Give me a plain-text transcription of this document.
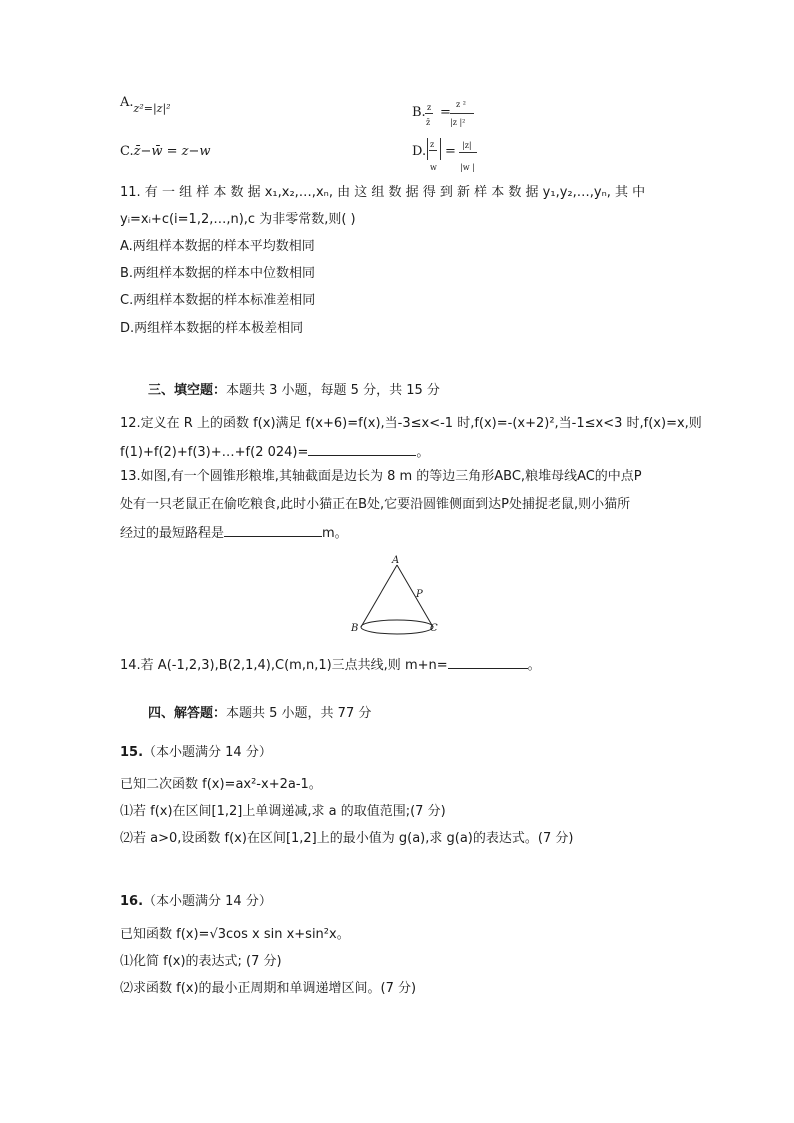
$A._{z^2=|z|^2}$	B. z
z̄
=
z ²
|z |²
C.z̄−w̄ = z−w	D. z
w
= |z|
|w |
11. 有 一 组 样 本 数 据 x₁,x₂,…,xₙ, 由 这 组 数 据 得 到 新 样 本 数 据 y₁,y₂,…,yₙ, 其 中
yᵢ=xᵢ+c(i=1,2,…,n),c 为非零常数,则( )
A.两组样本数据的样本平均数相同
B.两组样本数据的样本中位数相同
C.两组样本数据的样本标准差相同
D.两组样本数据的样本极差相同
三、填空题：本题共 3 小题，每题 5 分，共 15 分
12.定义在 R 上的函数 f(x)满足 f(x+6)=f(x),当-3≤x<-1 时,f(x)=-(x+2)²,当-1≤x<3 时,f(x)=x,则
f(1)+f(2)+f(3)+…+f(2 024)=	。
13.如图,有一个圆锥形粮堆,其轴截面是边长为 8 m 的等边三角形ABC,粮堆母线AC的中点P
处有一只老鼠正在偷吃粮食,此时小猫正在B处,它要沿圆锥侧面到达P处捕捉老鼠,则小猫所
经过的最短路程是	m。
A
P
B	C
14.若 A(-1,2,3),B(2,1,4),C(m,n,1)三点共线,则 m+n=	。
四、解答题：本题共 5 小题，共 77 分
15.（本小题满分 14 分）
已知二次函数 f(x)=ax²-x+2a-1。
⑴若 f(x)在区间[1,2]上单调递减,求 a 的取值范围;(7 分)
⑵若 a>0,设函数 f(x)在区间[1,2]上的最小值为 g(a),求 g(a)的表达式。(7 分)
16.（本小题满分 14 分）
已知函数 f(x)=√3cos x sin x+sin²x。
⑴化简 f(x)的表达式; (7 分)
⑵求函数 f(x)的最小正周期和单调递增区间。(7 分)
